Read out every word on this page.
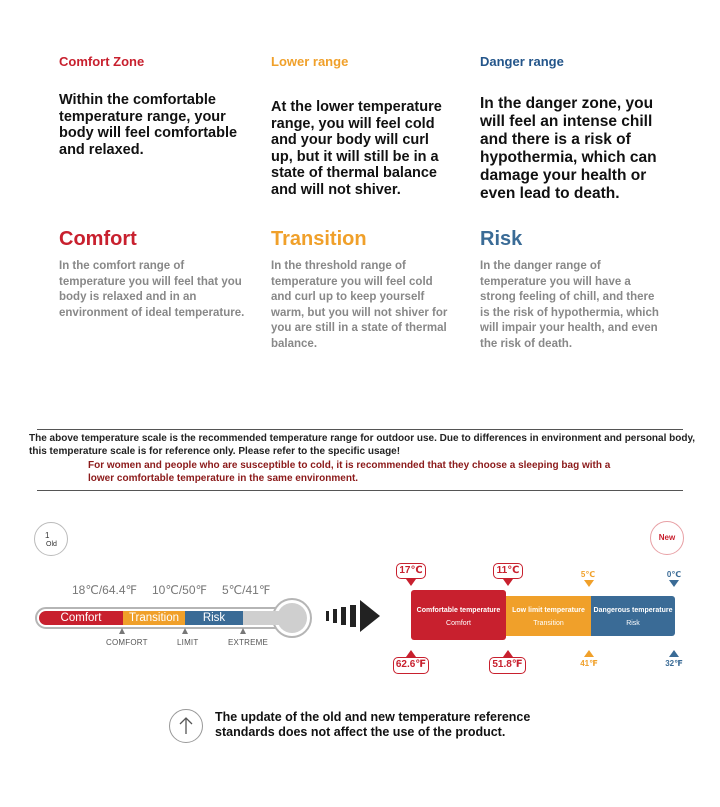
Comfort Zone	Lower range	Danger range
Within the comfortable temperature range, your body will feel comfortable and relaxed.
At the lower temperature range, you will feel cold and your body will curl up, but it will still be in a state of thermal balance and will not shiver.
In the danger zone, you will feel an intense chill and there is a risk of hypothermia, which can damage your health or even lead to death.
Comfort	Transition	Risk
In the comfort range of temperature you will feel that you body is relaxed and in an environment of ideal temperature.
In the threshold range of temperature you will feel cold and curl up to keep yourself warm, but you will not shiver for you are still in a state of thermal balance.
In the danger range of temperature you will have a strong feeling of chill, and there is the risk of hypothermia, which will impair your health, and even the risk of death.
The above temperature scale is the recommended temperature range for outdoor use. Due to differences in environment and personal body, this temperature scale is for reference only. Please refer to the specific usage!
For women and people who are susceptible to cold, it is recommended that they choose a sleeping bag with a lower comfortable temperature in the same environment.
1
Old
18℃/64.4℉ 10℃/50℉ 5℃/41℉
Comfort	Transition	Risk
COMFORT	LIMIT	EXTREME
New
17℃	11℃	5℃	0℃
Comfortable temperature
Comfort
Low limit temperature
Transition
Dangerous temperature
Risk
62.6℉	51.8℉	41℉	32℉
The update of the old and new temperature reference standards does not affect the use of the product.
